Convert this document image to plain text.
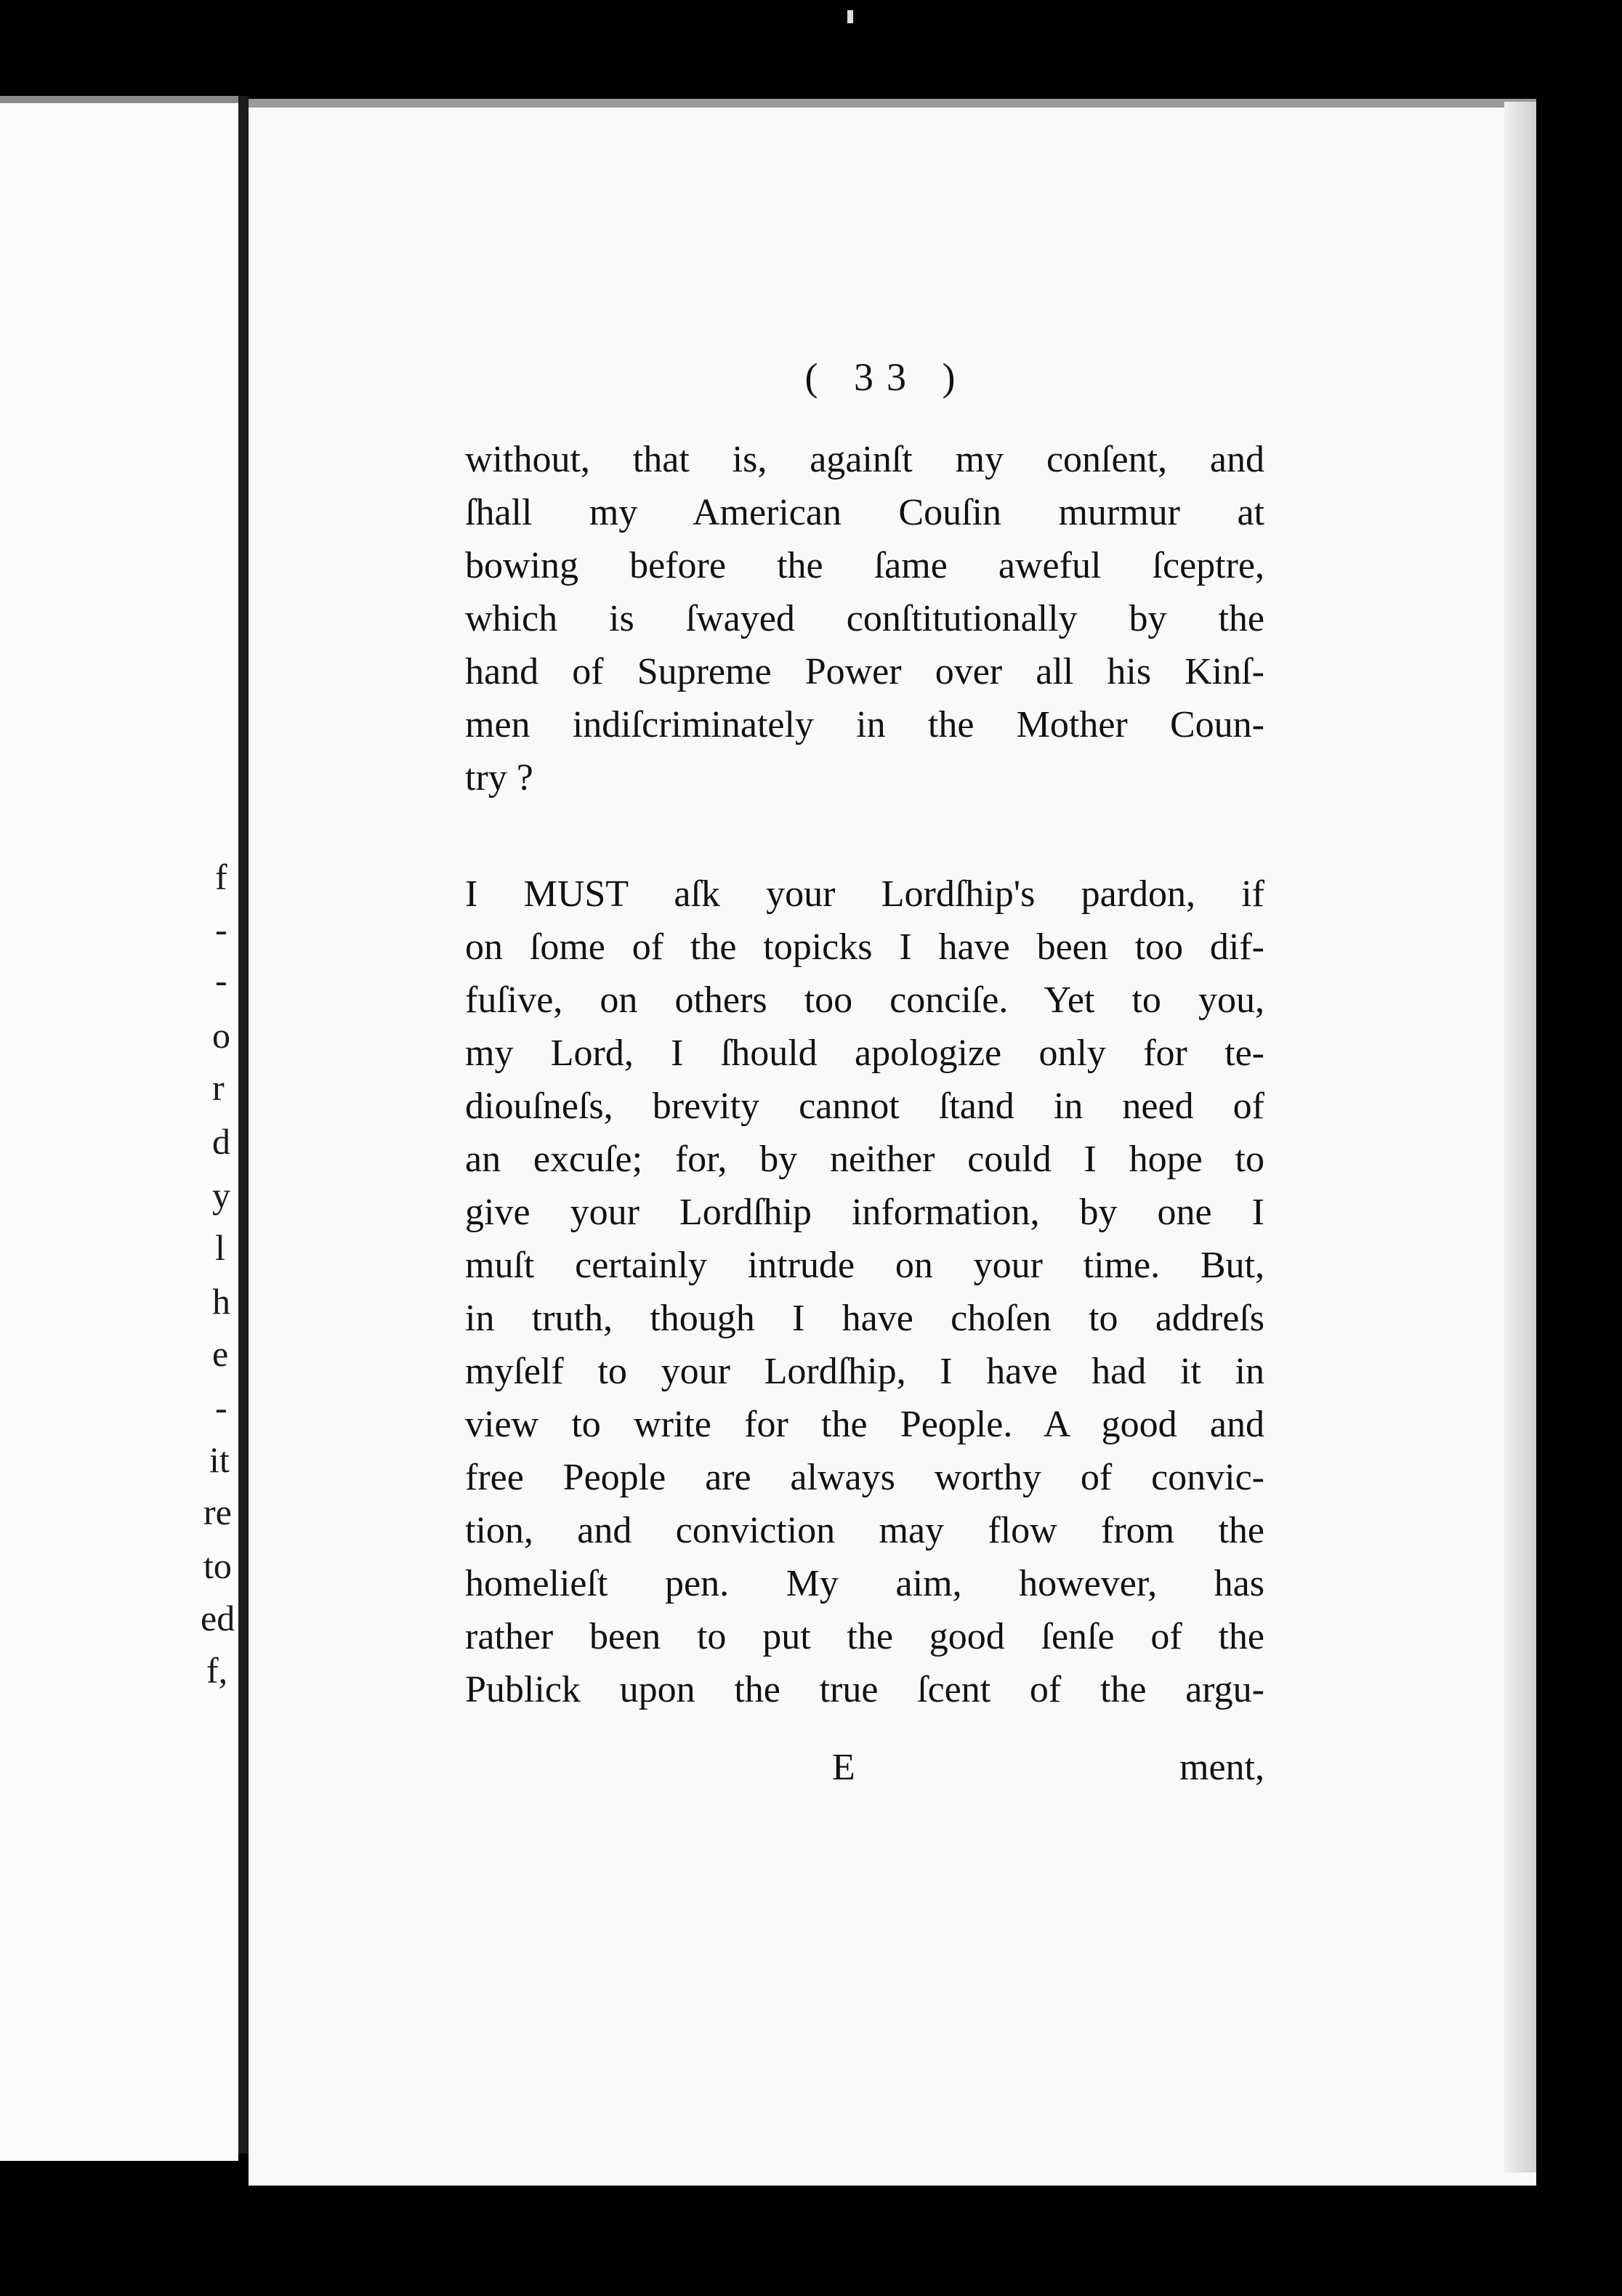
f
-
-
o
r
d
y
l
h
e
-
it
re
to
ed
f,
( 33 )
without, that is, againſt my conſent, and
ſhall my American Couſin murmur at
bowing before the ſame aweful ſceptre,
which is ſwayed conſtitutionally by the
hand of Supreme Power over all his Kinſ-
men indiſcriminately in the Mother Coun-
try ?
I MUST aſk your Lordſhip's pardon, if
on ſome of the topicks I have been too dif-
fuſive, on others too conciſe. Yet to you,
my Lord, I ſhould apologize only for te-
diouſneſs, brevity cannot ſtand in need of
an excuſe; for, by neither could I hope to
give your Lordſhip information, by one I
muſt certainly intrude on your time. But,
in truth, though I have choſen to addreſs
myſelf to your Lordſhip, I have had it in
view to write for the People. A good and
free People are always worthy of convic-
tion, and conviction may flow from the
homelieſt pen. My aim, however, has
rather been to put the good ſenſe of the
Publick upon the true ſcent of the argu-
E	ment,
